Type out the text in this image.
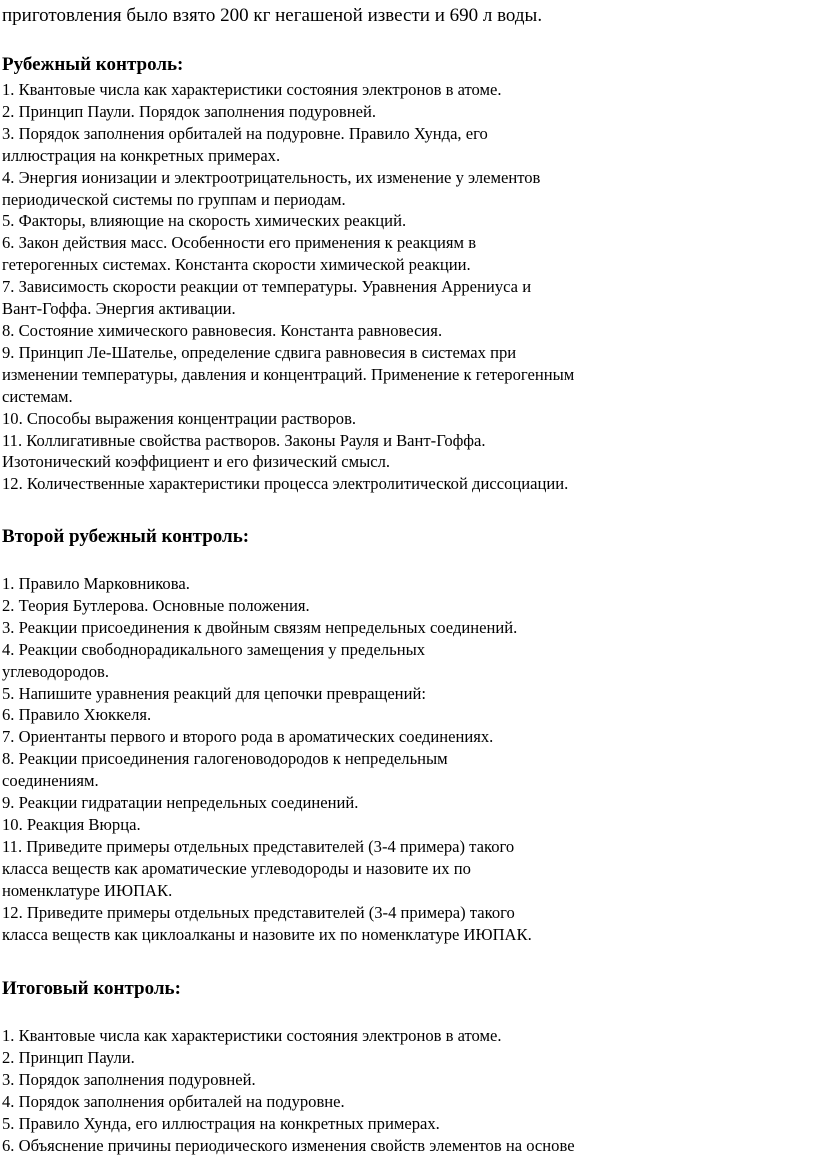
приготовления было взято 200 кг негашеной извести и 690 л воды.
Рубежный контроль:
1. Квантовые числа как характеристики состояния электронов в атоме.
2. Принцип Паули. Порядок заполнения подуровней.
3. Порядок заполнения орбиталей на подуровне. Правило Хунда, его
иллюстрация на конкретных примерах.
4. Энергия ионизации и электроотрицательность, их изменение у элементов
периодической системы по группам и периодам.
5. Факторы, влияющие на скорость химических реакций.
6. Закон действия масс. Особенности его применения к реакциям в
гетерогенных системах. Константа скорости химической реакции.
7. Зависимость скорости реакции от температуры. Уравнения Аррениуса и
Вант-Гоффа. Энергия активации.
8. Состояние химического равновесия. Константа равновесия.
9. Принцип Ле-Шателье, определение сдвига равновесия в системах при
изменении температуры, давления и концентраций. Применение к гетерогенным
системам.
10. Способы выражения концентрации растворов.
11. Коллигативные свойства растворов. Законы Рауля и Вант-Гоффа.
Изотонический коэффициент и его физический смысл.
12. Количественные характеристики процесса электролитической диссоциации.
Второй рубежный контроль:
1. Правило Марковникова.
2. Теория Бутлерова. Основные положения.
3. Реакции присоединения к двойным связям непредельных соединений.
4. Реакции свободнорадикального замещения у предельных
углеводородов.
5. Напишите уравнения реакций для цепочки превращений:
6. Правило Хюккеля.
7. Ориентанты первого и второго рода в ароматических соединениях.
8. Реакции присоединения галогеноводородов к непредельным
соединениям.
9. Реакции гидратации непредельных соединений.
10. Реакция Вюрца.
11. Приведите примеры отдельных представителей (3-4 примера) такого
класса веществ как ароматические углеводороды и назовите их по
номенклатуре ИЮПАК.
12. Приведите примеры отдельных представителей (3-4 примера) такого
класса веществ как циклоалканы и назовите их по номенклатуре ИЮПАК.
Итоговый контроль:
1. Квантовые числа как характеристики состояния электронов в атоме.
2. Принцип Паули.
3. Порядок заполнения подуровней.
4. Порядок заполнения орбиталей на подуровне.
5. Правило Хунда, его иллюстрация на конкретных примерах.
6. Объяснение причины периодического изменения свойств элементов на основе
